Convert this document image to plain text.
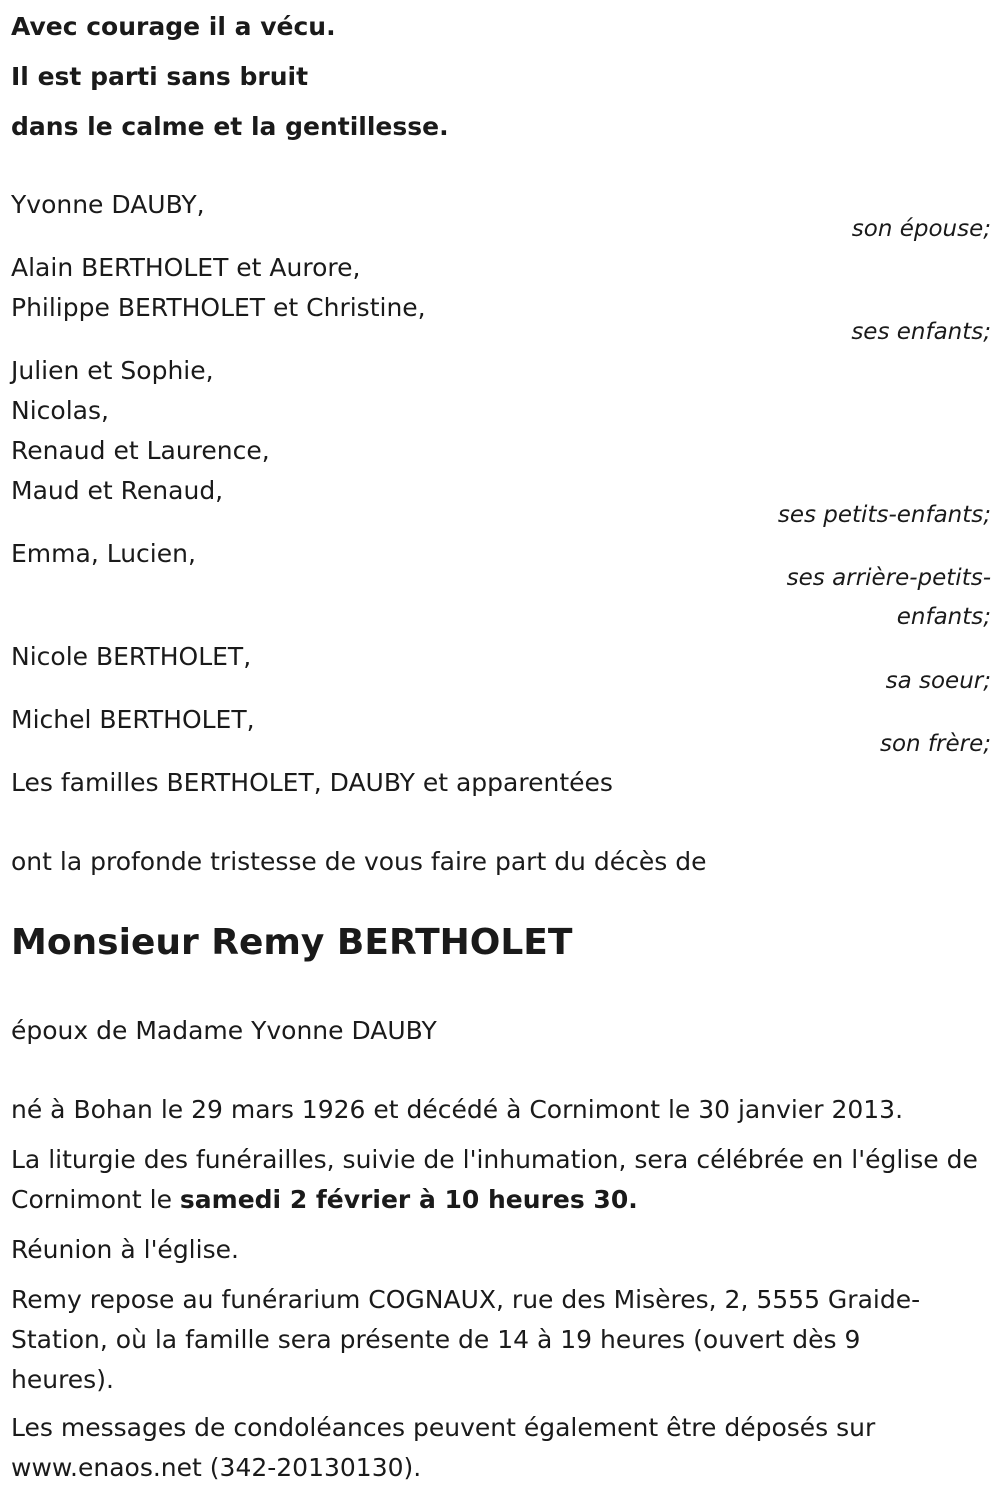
Avec courage il a vécu.
Il est parti sans bruit
dans le calme et la gentillesse.
Yvonne DAUBY,
son épouse;
Alain BERTHOLET et Aurore,
Philippe BERTHOLET et Christine,
ses enfants;
Julien et Sophie,
Nicolas,
Renaud et Laurence,
Maud et Renaud,
ses petits-enfants;
Emma, Lucien,
ses arrière-petits-
enfants;
Nicole BERTHOLET,
sa soeur;
Michel BERTHOLET,
son frère;
Les familles BERTHOLET, DAUBY et apparentées
ont la profonde tristesse de vous faire part du décès de
Monsieur Remy BERTHOLET
époux de Madame Yvonne DAUBY
né à Bohan le 29 mars 1926 et décédé à Cornimont le 30 janvier 2013.
La liturgie des funérailles, suivie de l'inhumation, sera célébrée en l'église de Cornimont le samedi 2 février à 10 heures 30.
Réunion à l'église.
Remy repose au funérarium COGNAUX, rue des Misères, 2, 5555 Graide-Station, où la famille sera présente de 14 à 19 heures (ouvert dès 9 heures).
Les messages de condoléances peuvent également être déposés sur www.enaos.net (342-20130130).
